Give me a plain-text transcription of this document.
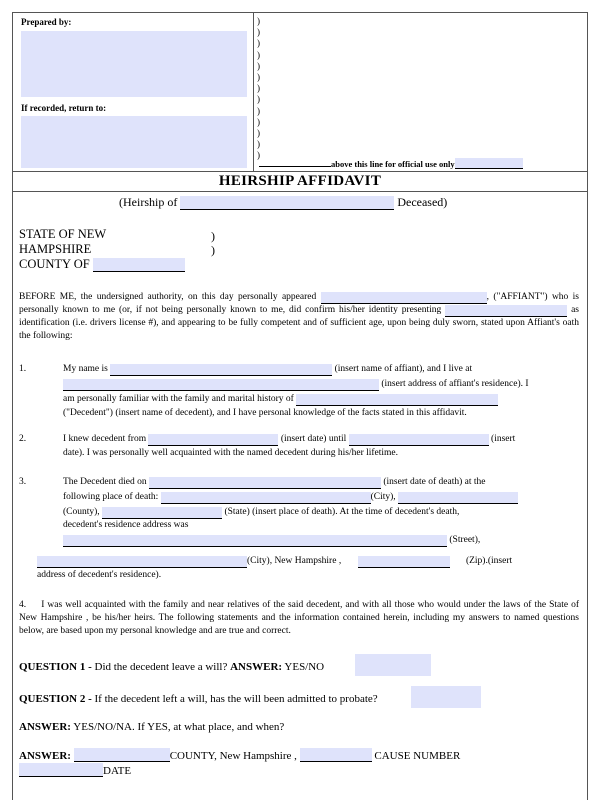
Prepared by:
If recorded, return to:
)
)
)
)
)
)
)
)
)
)
)
)
)
above this line for official use only
HEIRSHIP AFFIDAVIT
(Heirship of	Deceased)
STATE OF NEW
HAMPSHIRE
COUNTY OF
)
)
BEFORE ME, the undersigned authority, on this day personally appeared	, ("AFFIANT") who is personally known to me (or, if not being personally known to me, did confirm his/her identity presenting	as identification (i.e. drivers license #), and appearing to be fully competent and of sufficient age, upon being duly sworn, stated upon Affiant's oath the following:
1.	My name is	(insert name of affiant), and I live at
(insert address of affiant's residence). I
am personally familiar with the family and marital history of
("Decedent") (insert name of decedent), and I have personal knowledge of the facts stated in this affidavit.
2.	I knew decedent from	(insert date) until	(insert
date). I was personally well acquainted with the named decedent during his/her lifetime.
3.	The Decedent died on	(insert date of death) at the
following place of death:	(City),
(County),	(State) (insert place of death). At the time of decedent's death,
decedent's residence address was
(Street),
(City), New Hampshire ,	(Zip).(insert
address of decedent's residence).
4. I was well acquainted with the family and near relatives of the said decedent, and with all those who would under the laws of the State of New Hampshire , be his/her heirs. The following statements and the information contained herein, including my answers to named questions below, are based upon my personal knowledge and are true and correct.
QUESTION 1 - Did the decedent leave a will? ANSWER: YES/NO
QUESTION 2 - If the decedent left a will, has the will been admitted to probate?
ANSWER: YES/NO/NA. If YES, at what place, and when?
ANSWER:	COUNTY, New Hampshire ,	CAUSE NUMBER
DATE
